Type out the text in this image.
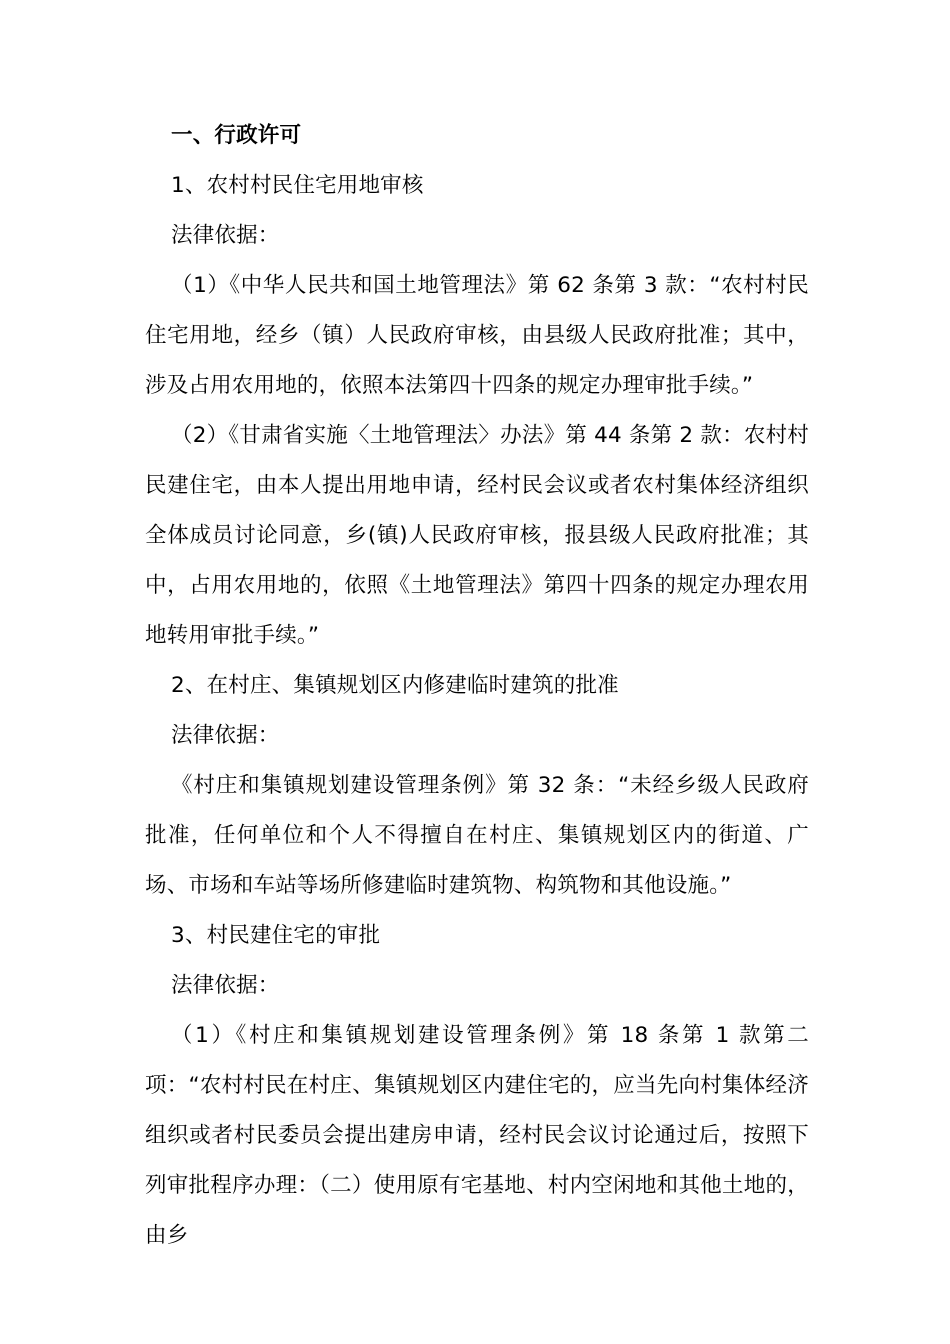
一、行政许可

1、农村村民住宅用地审核

法律依据：

（1）《中华人民共和国土地管理法》第 62 条第 3 款：“农村村民住宅用地，经乡（镇）人民政府审核，由县级人民政府批准；其中，涉及占用农用地的，依照本法第四十四条的规定办理审批手续。”

（2）《甘肃省实施〈土地管理法〉办法》第 44 条第 2 款：农村村民建住宅，由本人提出用地申请，经村民会议或者农村集体经济组织全体成员讨论同意，乡(镇)人民政府审核，报县级人民政府批准；其中，占用农用地的，依照《土地管理法》第四十四条的规定办理农用地转用审批手续。”

2、在村庄、集镇规划区内修建临时建筑的批准

法律依据：

《村庄和集镇规划建设管理条例》第 32 条：“未经乡级人民政府批准，任何单位和个人不得擅自在村庄、集镇规划区内的街道、广场、市场和车站等场所修建临时建筑物、构筑物和其他设施。”

3、村民建住宅的审批

法律依据：

（1）《村庄和集镇规划建设管理条例》第 18 条第 1 款第二项：“农村村民在村庄、集镇规划区内建住宅的，应当先向村集体经济组织或者村民委员会提出建房申请，经村民会议讨论通过后，按照下列审批程序办理：（二）使用原有宅基地、村内空闲地和其他土地的，由乡
